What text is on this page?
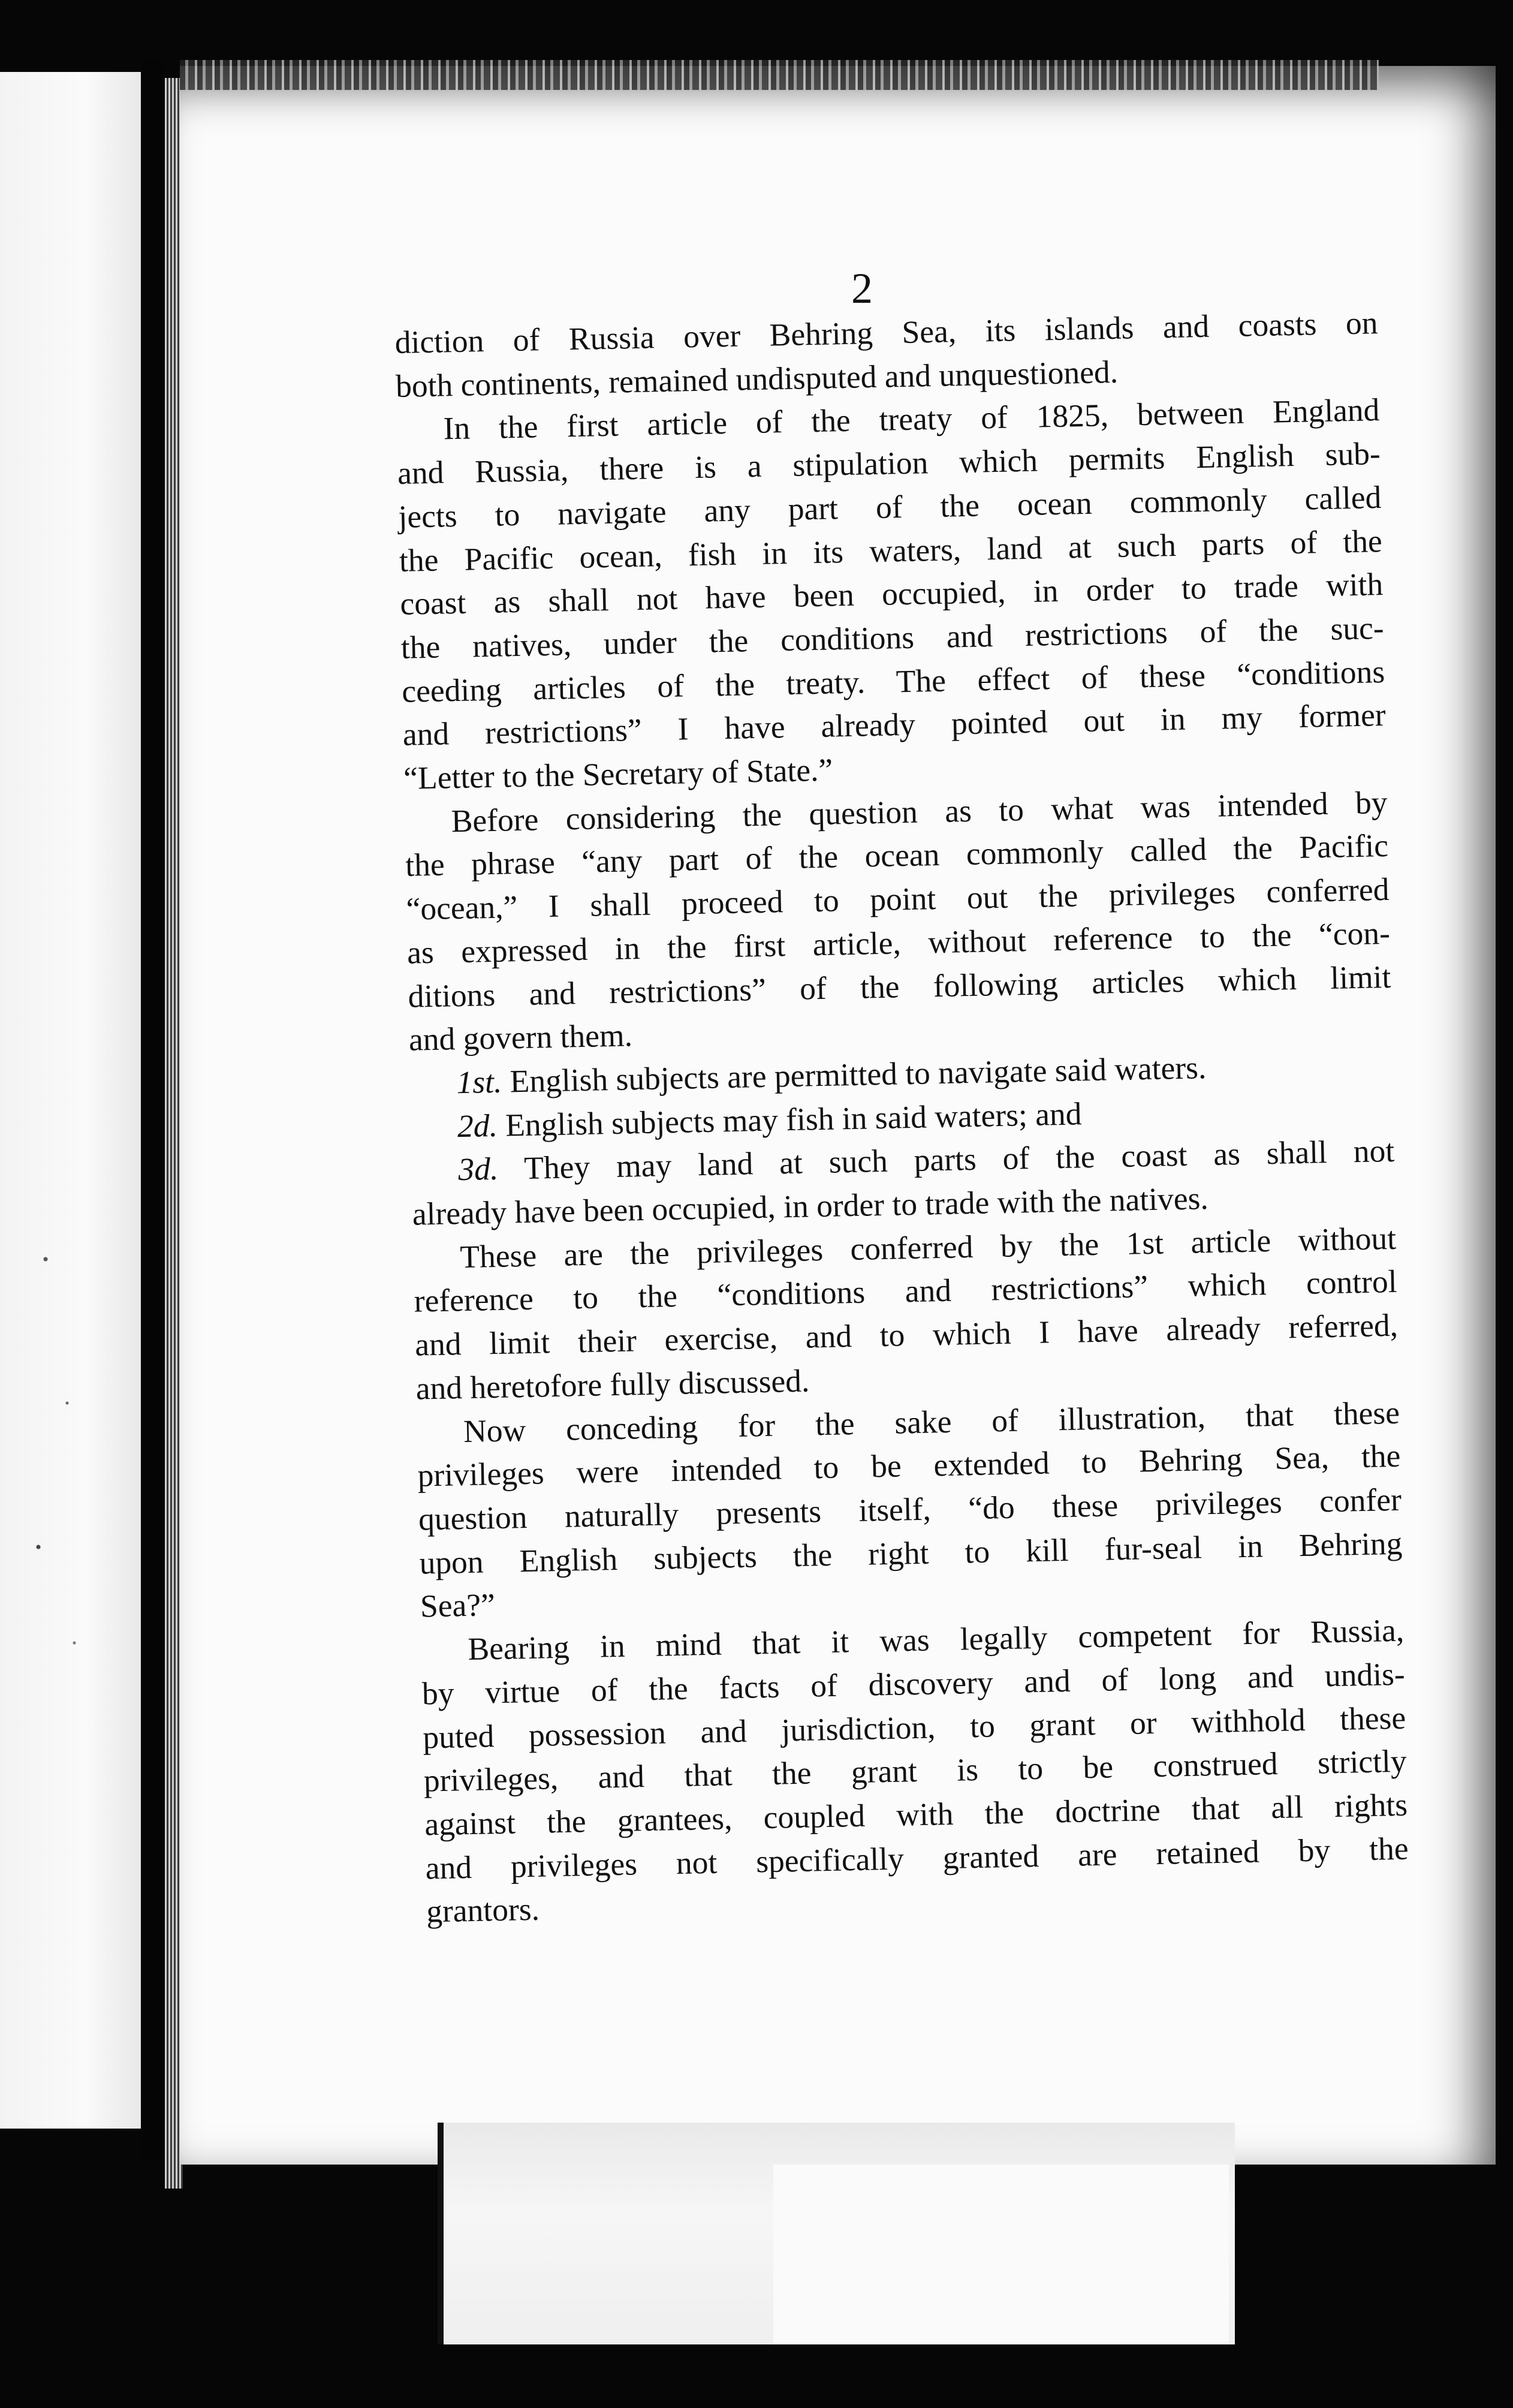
2

diction of Russia over Behring Sea, its islands and coasts on

both continents, remained undisputed and unquestioned.

In the first article of the treaty of 1825, between England

and Russia, there is a stipulation which permits English sub-

jects to navigate any part of the ocean commonly called

the Pacific ocean, fish in its waters, land at such parts of the

coast as shall not have been occupied, in order to trade with

the natives, under the conditions and restrictions of the suc-

ceeding articles of the treaty. The effect of these “conditions

and restrictions” I have already pointed out in my former

“Letter to the Secretary of State.”

Before considering the question as to what was intended by

the phrase “any part of the ocean commonly called the Pacific

“ocean,” I shall proceed to point out the privileges conferred

as expressed in the first article, without reference to the “con-

ditions and restrictions” of the following articles which limit

and govern them.

1st. English subjects are permitted to navigate said waters.

2d. English subjects may fish in said waters; and

3d. They may land at such parts of the coast as shall not

already have been occupied, in order to trade with the natives.

These are the privileges conferred by the 1st article without

reference to the “conditions and restrictions” which control

and limit their exercise, and to which I have already referred,

and heretofore fully discussed.

Now conceding for the sake of illustration, that these

privileges were intended to be extended to Behring Sea, the

question naturally presents itself, “do these privileges confer

upon English subjects the right to kill fur-seal in Behring

Sea?”

Bearing in mind that it was legally competent for Russia,

by virtue of the facts of discovery and of long and undis-

puted possession and jurisdiction, to grant or withhold these

privileges, and that the grant is to be construed strictly

against the grantees, coupled with the doctrine that all rights

and privileges not specifically granted are retained by the

grantors.
